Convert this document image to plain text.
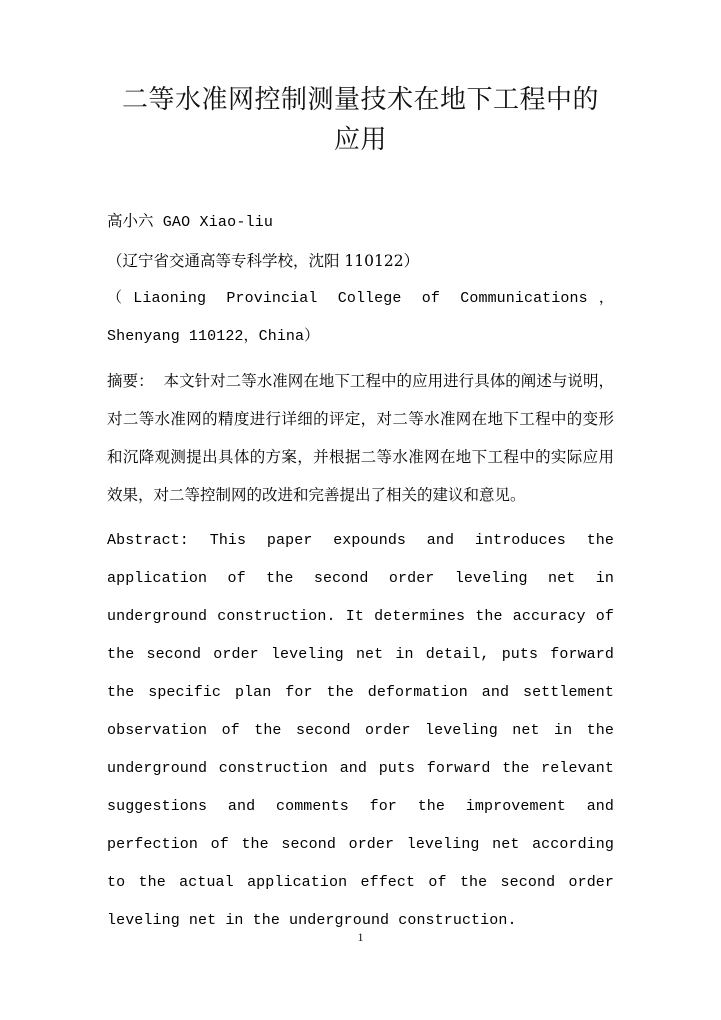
二等水准网控制测量技术在地下工程中的
应用
高小六 GAO Xiao-liu
（辽宁省交通高等专科学校，沈阳 110122）
（Liaoning Provincial College of Communications，Shenyang 110122，China）
摘要： 本文针对二等水准网在地下工程中的应用进行具体的阐述与说明，对二等水准网的精度进行详细的评定，对二等水准网在地下工程中的变形和沉降观测提出具体的方案，并根据二等水准网在地下工程中的实际应用效果，对二等控制网的改进和完善提出了相关的建议和意见。
Abstract: This paper expounds and introduces the application of the second order leveling net in underground construction. It determines the accuracy of the second order leveling net in detail, puts forward the specific plan for the deformation and settlement observation of the second order leveling net in the underground construction and puts forward the relevant suggestions and comments for the improvement and perfection of the second order leveling net according to the actual application effect of the second order leveling net in the underground construction.
1
